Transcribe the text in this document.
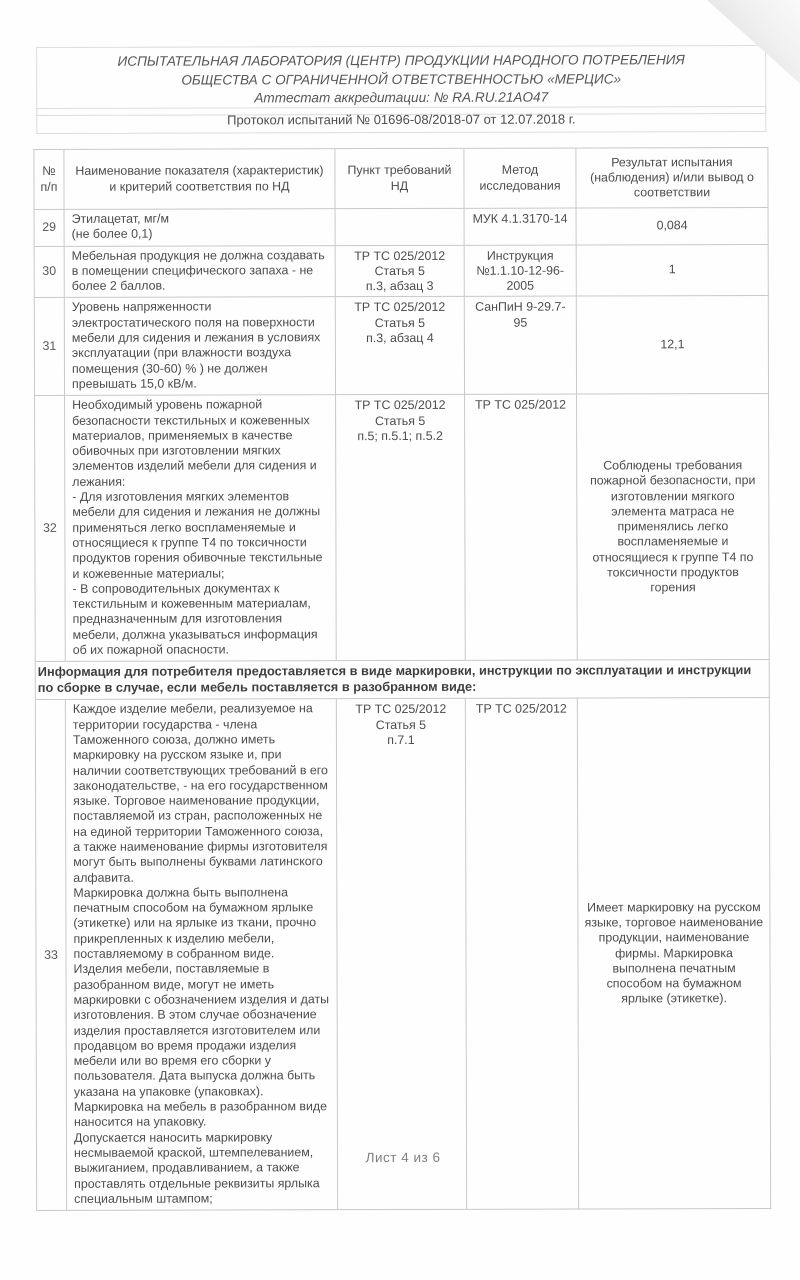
ИСПЫТАТЕЛЬНАЯ ЛАБОРАТОРИЯ (ЦЕНТР) ПРОДУКЦИИ НАРОДНОГО ПОТРЕБЛЕНИЯ
ОБЩЕСТВА С ОГРАНИЧЕННОЙ ОТВЕТСТВЕННОСТЬЮ «МЕРЦИС»
Аттестат аккредитации: № RA.RU.21AO47
Протокол испытаний № 01696-08/2018-07 от 12.07.2018 г.
№
п/п
Наименование показателя (характеристик)
и критерий соответствия по НД
Пункт требований
НД
Метод
исследования
Результат испытания
(наблюдения) и/или вывод о
соответствии
29
Этилацетат, мг/м
(не более 0,1)
МУК 4.1.3170-14	0,084
30
Мебельная продукция не должна создавать в помещении специфического запаха - не более 2 баллов.
ТР ТС 025/2012
Статья 5
п.3, абзац 3
Инструкция
№1.1.10-12-96-
2005
1
31
Уровень напряженности электростатического поля на поверхности мебели для сидения и лежания в условиях эксплуатации (при влажности воздуха помещения (30-60) % ) не должен превышать 15,0 кВ/м.
ТР ТС 025/2012
Статья 5
п.3, абзац 4
СанПиН 9-29.7-95
12,1
32
Необходимый уровень пожарной безопасности текстильных и кожевенных материалов, применяемых в качестве обивочных при изготовлении мягких элементов изделий мебели для сидения и лежания:
- Для изготовления мягких элементов мебели для сидения и лежания не должны применяться легко воспламеняемые и относящиеся к группе Т4 по токсичности продуктов горения обивочные текстильные и кожевенные материалы;
- В сопроводительных документах к текстильным и кожевенным материалам, предназначенным для изготовления мебели, должна указываться информация об их пожарной опасности.
ТР ТС 025/2012
Статья 5
п.5; п.5.1; п.5.2
ТР ТС 025/2012
Соблюдены требования пожарной безопасности, при изготовлении мягкого элемента матраса не применялись легко воспламеняемые и относящиеся к группе Т4 по токсичности продуктов горения
Информация для потребителя предоставляется в виде маркировки, инструкции по эксплуатации и инструкции по сборке в случае, если мебель поставляется в разобранном виде:
33
Каждое изделие мебели, реализуемое на территории государства - члена Таможенного союза, должно иметь маркировку на русском языке и, при наличии соответствующих требований в его законодательстве, - на его государственном языке. Торговое наименование продукции, поставляемой из стран, расположенных не на единой территории Таможенного союза, а также наименование фирмы изготовителя могут быть выполнены буквами латинского алфавита.
Маркировка должна быть выполнена печатным способом на бумажном ярлыке (этикетке) или на ярлыке из ткани, прочно прикрепленных к изделию мебели, поставляемому в собранном виде.
Изделия мебели, поставляемые в разобранном виде, могут не иметь маркировки с обозначением изделия и даты изготовления. В этом случае обозначение изделия проставляется изготовителем или продавцом во время продажи изделия мебели или во время его сборки у пользователя. Дата выпуска должна быть указана на упаковке (упаковках). Маркировка на мебель в разобранном виде наносится на упаковку.
Допускается наносить маркировку несмываемой краской, штемпелеванием, выжиганием, продавливанием, а также проставлять отдельные реквизиты ярлыка специальным штампом;
ТР ТС 025/2012
Статья 5
п.7.1
ТР ТС 025/2012
Имеет маркировку на русском языке, торговое наименование продукции, наименование фирмы. Маркировка выполнена печатным способом на бумажном ярлыке (этикетке).
Лист 4 из 6
